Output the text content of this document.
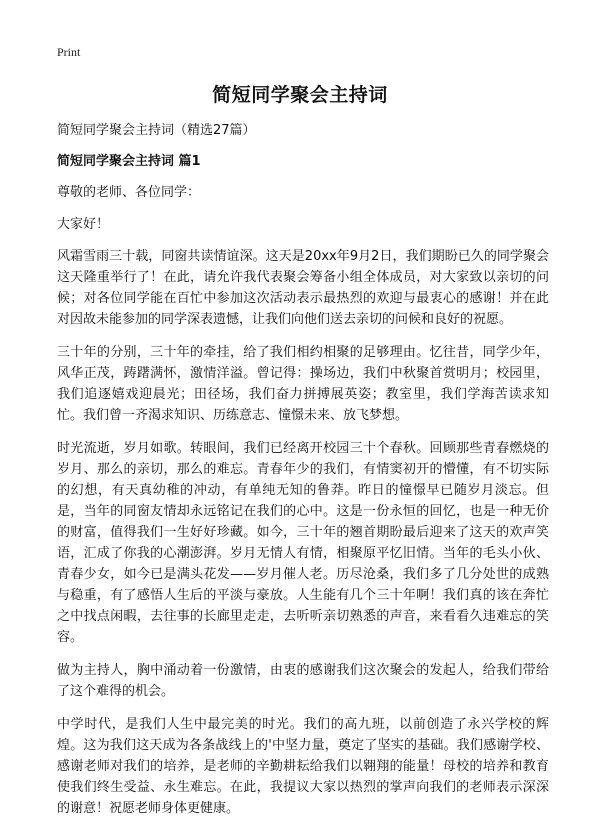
Print
简短同学聚会主持词

简短同学聚会主持词（精选27篇）

简短同学聚会主持词 篇1

尊敬的老师、各位同学：

大家好！

风霜雪雨三十载，同窗共读情谊深。这天是20xx年9月2日，我们期盼已久的同学聚会这天隆重举行了！在此，请允许我代表聚会筹备小组全体成员，对大家致以亲切的问候；对各位同学能在百忙中参加这次活动表示最热烈的欢迎与最衷心的感谢！并在此对因故未能参加的同学深表遗憾，让我们向他们送去亲切的问候和良好的祝愿。

三十年的分别，三十年的牵挂，给了我们相约相聚的足够理由。忆往昔，同学少年，风华正茂，踌躇满怀，激情洋溢。曾记得：操场边，我们中秋聚首赏明月；校园里，我们追逐嬉戏迎晨光；田径场，我们奋力拼搏展英姿；教室里，我们学海苦读求知忙。我们曾一齐渴求知识、历练意志、憧憬未来、放飞梦想。

时光流逝，岁月如歌。转眼间，我们已经离开校园三十个春秋。回顾那些青春燃烧的岁月、那么的亲切，那么的难忘。青春年少的我们，有情窦初开的懵懂，有不切实际的幻想，有天真幼稚的冲动，有单纯无知的鲁莽。昨日的憧憬早已随岁月淡忘。但是，当年的同窗友情却永远铭记在我们的心中。这是一份永恒的回忆，也是一种无价的财富，值得我们一生好好珍藏。如今，三十年的翘首期盼最后迎来了这天的欢声笑语，汇成了你我的心潮澎湃。岁月无情人有情，相聚原平忆旧情。当年的毛头小伙、青春少女，如今已是满头花发——岁月催人老。历尽沧桑，我们多了几分处世的成熟与稳重，有了感悟人生后的平淡与豪放。人生能有几个三十年啊！我们真的该在奔忙之中找点闲暇，去往事的长廊里走走，去听听亲切熟悉的声音，来看看久违难忘的笑容。

做为主持人，胸中涌动着一份激情，由衷的感谢我们这次聚会的发起人，给我们带给了这个难得的机会。

中学时代，是我们人生中最完美的时光。我们的高九班，以前创造了永兴学校的辉煌。这为我们这天成为各条战线上的'中坚力量，奠定了坚实的基础。我们感谢学校、感谢老师对我们的培养，是老师的辛勤耕耘给我们以翱翔的能量！母校的培养和教育使我们终生受益、永生难忘。在此，我提议大家以热烈的掌声向我们的老师表示深深的谢意！祝愿老师身体更健康。
